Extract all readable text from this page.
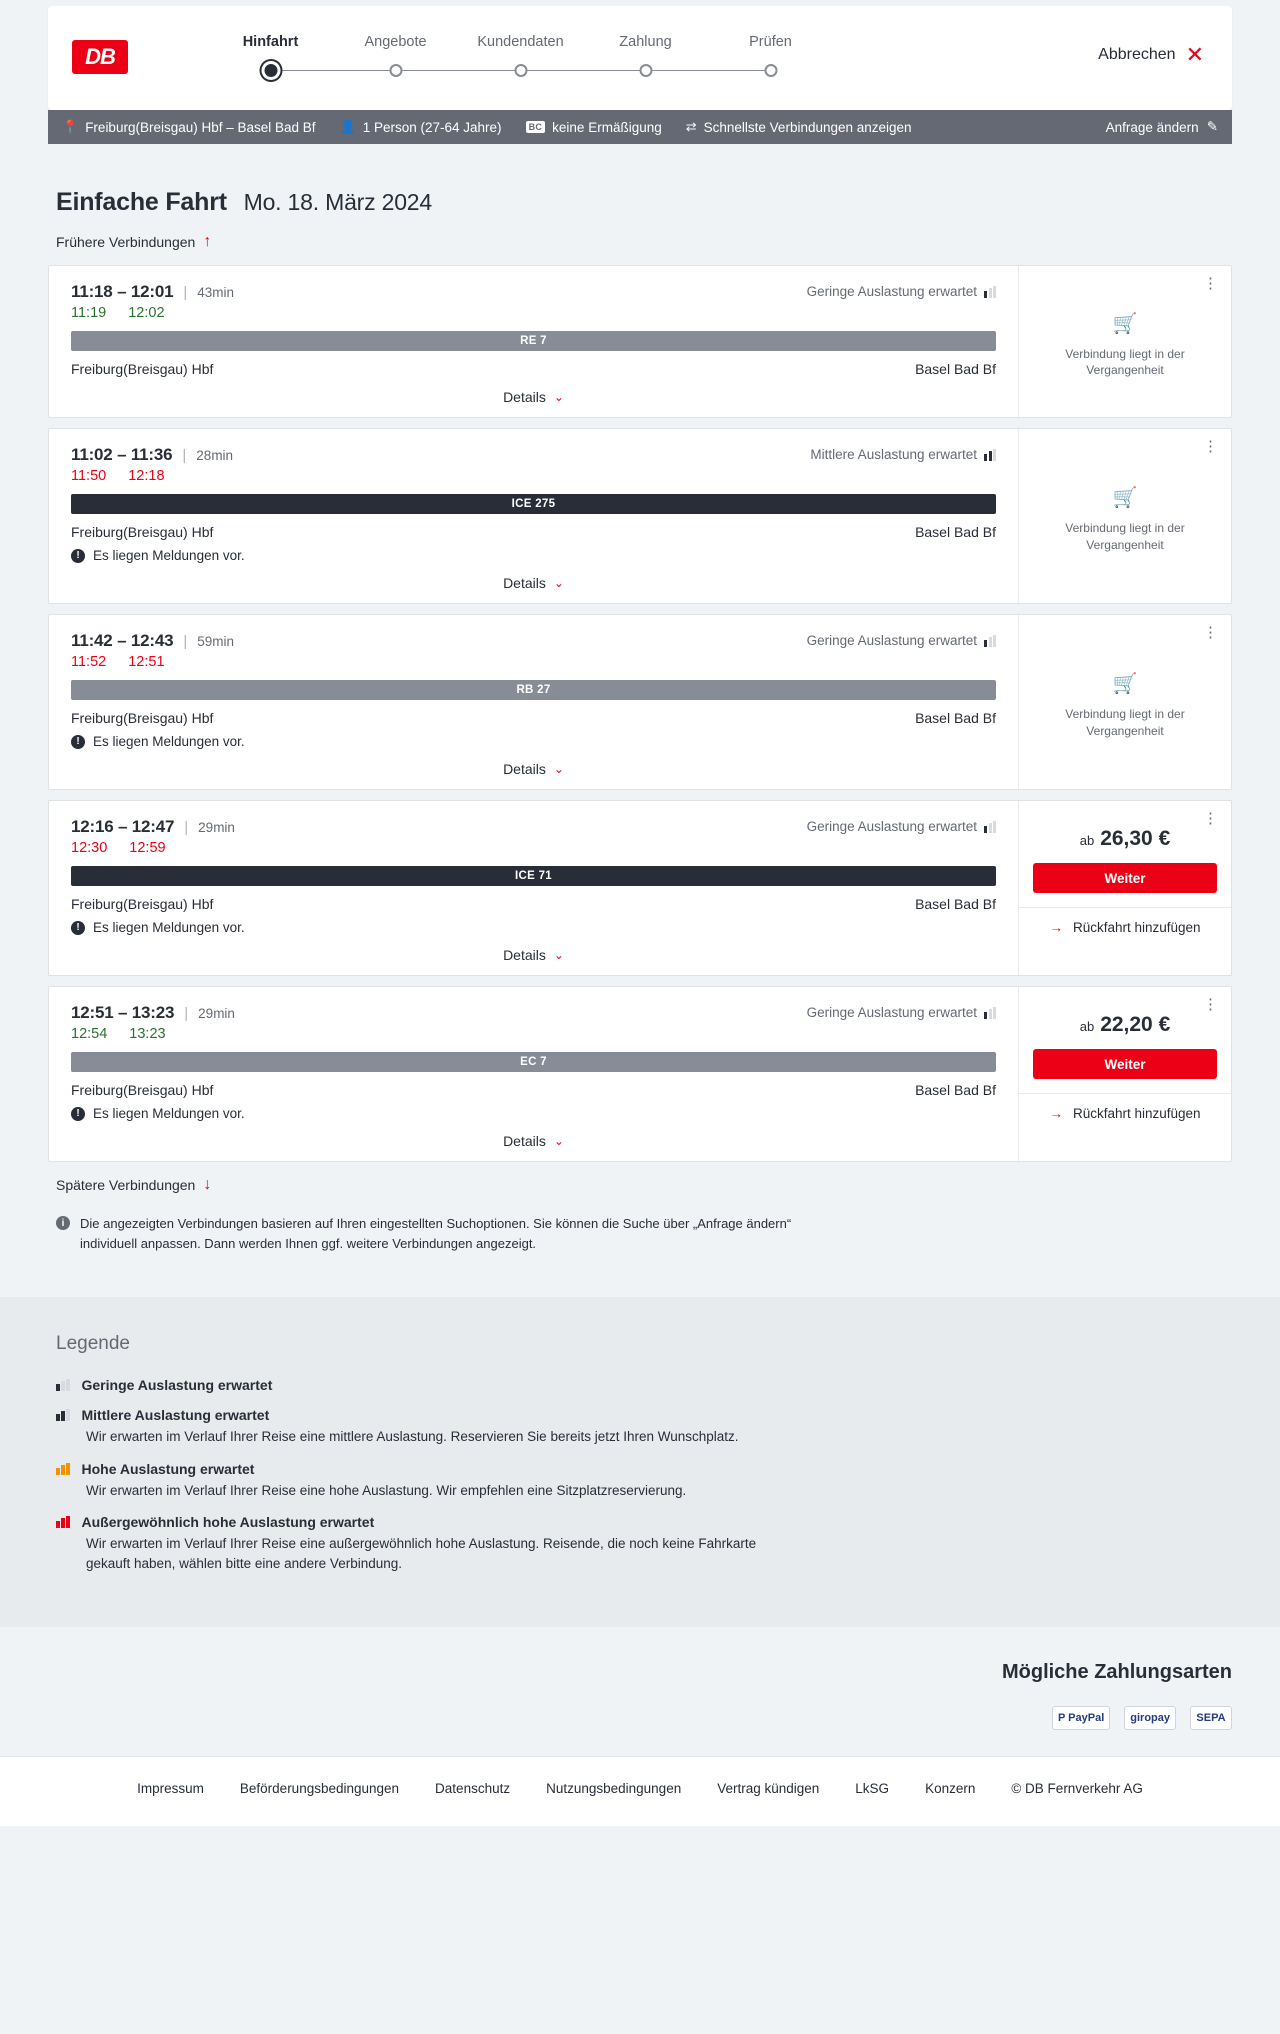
DB
Hinfahrt	Angebote	Kundendaten	Zahlung	Prüfen
Abbrechen ✕
📍 Freiburg(Breisgau) Hbf – Basel Bad Bf 👤 1 Person (27-64 Jahre)	BC keine Ermäßigung ⇄ Schnellste Verbindungen anzeigen	Anfrage ändern ✎
Einfache Fahrt Mo. 18. März 2024
Frühere Verbindungen ↑
11:18 – 12:01 | 43min	Geringe Auslastung erwartet
11:19 12:02
RE 7
Freiburg(Breisgau) Hbf	Basel Bad Bf
Details ⌄
⋮
🛒
Verbindung liegt in der Vergangenheit
11:02 – 11:36 | 28min	Mittlere Auslastung erwartet
11:50 12:18
ICE 275
Freiburg(Breisgau) Hbf	Basel Bad Bf
! Es liegen Meldungen vor.
Details ⌄
⋮
🛒
Verbindung liegt in der Vergangenheit
11:42 – 12:43 | 59min	Geringe Auslastung erwartet
11:52 12:51
RB 27
Freiburg(Breisgau) Hbf	Basel Bad Bf
! Es liegen Meldungen vor.
Details ⌄
⋮
🛒
Verbindung liegt in der Vergangenheit
12:16 – 12:47 | 29min	Geringe Auslastung erwartet
12:30 12:59
ICE 71
Freiburg(Breisgau) Hbf	Basel Bad Bf
! Es liegen Meldungen vor.
Details ⌄
⋮
ab 26,30 €
Weiter
→ Rückfahrt hinzufügen
12:51 – 13:23 | 29min	Geringe Auslastung erwartet
12:54 13:23
EC 7
Freiburg(Breisgau) Hbf	Basel Bad Bf
! Es liegen Meldungen vor.
Details ⌄
⋮
ab 22,20 €
Weiter
→ Rückfahrt hinzufügen
Spätere Verbindungen ↓
i	Die angezeigten Verbindungen basieren auf Ihren eingestellten Suchoptionen. Sie können die Suche über „Anfrage ändern“ individuell anpassen. Dann werden Ihnen ggf. weitere Verbindungen angezeigt.
Legende
Geringe Auslastung erwartet
Mittlere Auslastung erwartet
Wir erwarten im Verlauf Ihrer Reise eine mittlere Auslastung. Reservieren Sie bereits jetzt Ihren Wunschplatz.
Hohe Auslastung erwartet
Wir erwarten im Verlauf Ihrer Reise eine hohe Auslastung. Wir empfehlen eine Sitzplatzreservierung.
Außergewöhnlich hohe Auslastung erwartet
Wir erwarten im Verlauf Ihrer Reise eine außergewöhnlich hohe Auslastung. Reisende, die noch keine Fahrkarte gekauft haben, wählen bitte eine andere Verbindung.
Mögliche Zahlungsarten
P PayPal	giropay	SEPA
Impressum	Beförderungsbedingungen	Datenschutz	Nutzungsbedingungen	Vertrag kündigen	LkSG	Konzern	© DB Fernverkehr AG
